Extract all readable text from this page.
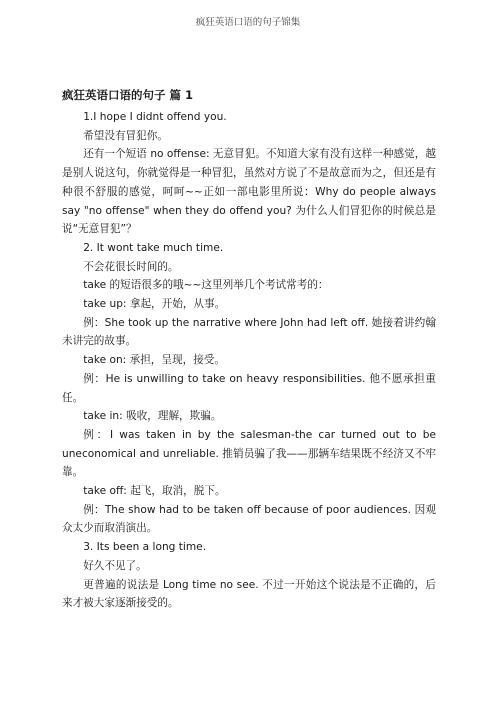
疯狂英语口语的句子锦集
疯狂英语口语的句子 篇 1

1.I hope I didnt offend you.

希望没有冒犯你。

还有一个短语 no offense: 无意冒犯。不知道大家有没有这样一种感觉，越是别人说这句，你就觉得是一种冒犯，虽然对方说了不是故意而为之，但还是有种很不舒服的感觉，呵呵~~正如一部电影里所说：Why do people always say "no offense" when they do offend you? 为什么人们冒犯你的时候总是说“无意冒犯”？

2. It wont take much time.

不会花很长时间的。

take 的短语很多的哦~~这里列举几个考试常考的：

take up: 拿起，开始，从事。

例：She took up the narrative where John had left off. 她接着讲约翰未讲完的故事。

take on: 承担，呈现，接受。

例：He is unwilling to take on heavy responsibilities. 他不愿承担重任。

take in: 吸收，理解，欺骗。

例：I was taken in by the salesman-the car turned out to be uneconomical and unreliable. 推销员骗了我——那辆车结果既不经济又不牢靠。

take off: 起飞，取消，脱下。

例：The show had to be taken off because of poor audiences. 因观众太少而取消演出。

3. Its been a long time.

好久不见了。

更普遍的说法是 Long time no see. 不过一开始这个说法是不正确的，后来才被大家逐渐接受的。
